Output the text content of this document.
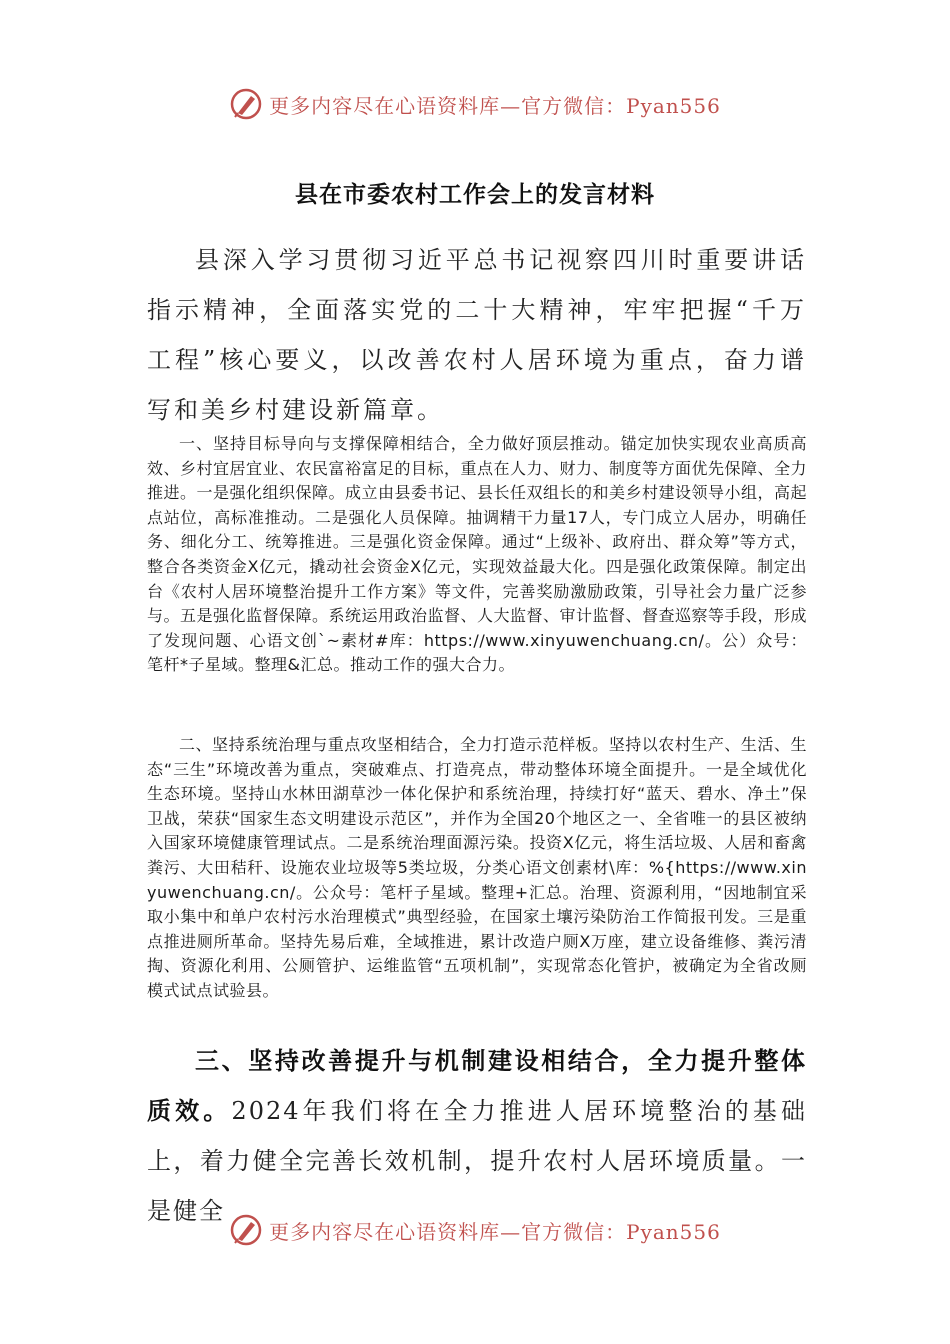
更多内容尽在心语资料库—官方微信：Pyan556
县在市委农村工作会上的发言材料

县深入学习贯彻习近平总书记视察四川时重要讲话指示精神，全面落实党的二十大精神，牢牢把握“千万工程”核心要义，以改善农村人居环境为重点，奋力谱写和美乡村建设新篇章。

一、坚持目标导向与支撑保障相结合，全力做好顶层推动。锚定加快实现农业高质高效、乡村宜居宜业、农民富裕富足的目标，重点在人力、财力、制度等方面优先保障、全力推进。一是强化组织保障。成立由县委书记、县长任双组长的和美乡村建设领导小组，高起点站位，高标准推动。二是强化人员保障。抽调精干力量17人，专门成立人居办，明确任务、细化分工、统筹推进。三是强化资金保障。通过“上级补、政府出、群众筹”等方式，整合各类资金X亿元，撬动社会资金X亿元，实现效益最大化。四是强化政策保障。制定出台《农村人居环境整治提升工作方案》等文件，完善奖励激励政策，引导社会力量广泛参与。五是强化监督保障。系统运用政治监督、人大监督、审计监督、督查巡察等手段，形成了发现问题、心语文创`~素材#库：https://www.xinyuwenchuang.cn/。公）众号：笔杆*子星域。整理&汇总。推动工作的强大合力。

二、坚持系统治理与重点攻坚相结合，全力打造示范样板。坚持以农村生产、生活、生态“三生”环境改善为重点，突破难点、打造亮点，带动整体环境全面提升。一是全域优化生态环境。坚持山水林田湖草沙一体化保护和系统治理，持续打好“蓝天、碧水、净土”保卫战，荣获“国家生态文明建设示范区”，并作为全国20个地区之一、全省唯一的县区被纳入国家环境健康管理试点。二是系统治理面源污染。投资X亿元，将生活垃圾、人居和畜禽粪污、大田秸秆、设施农业垃圾等5类垃圾，分类心语文创素材\库：%{https://www.xinyuwenchuang.cn/。公众号：笔杆子星域。整理+汇总。治理、资源利用，“因地制宜采取小集中和单户农村污水治理模式”典型经验，在国家土壤污染防治工作简报刊发。三是重点推进厕所革命。坚持先易后难，全域推进，累计改造户厕X万座，建立设备维修、粪污清掏、资源化利用、公厕管护、运维监管“五项机制”，实现常态化管护，被确定为全省改厕模式试点试验县。

三、坚持改善提升与机制建设相结合，全力提升整体质效。2024年我们将在全力推进人居环境整治的基础上，着力健全完善长效机制，提升农村人居环境质量。一是健全

更多内容尽在心语资料库—官方微信：Pyan556
